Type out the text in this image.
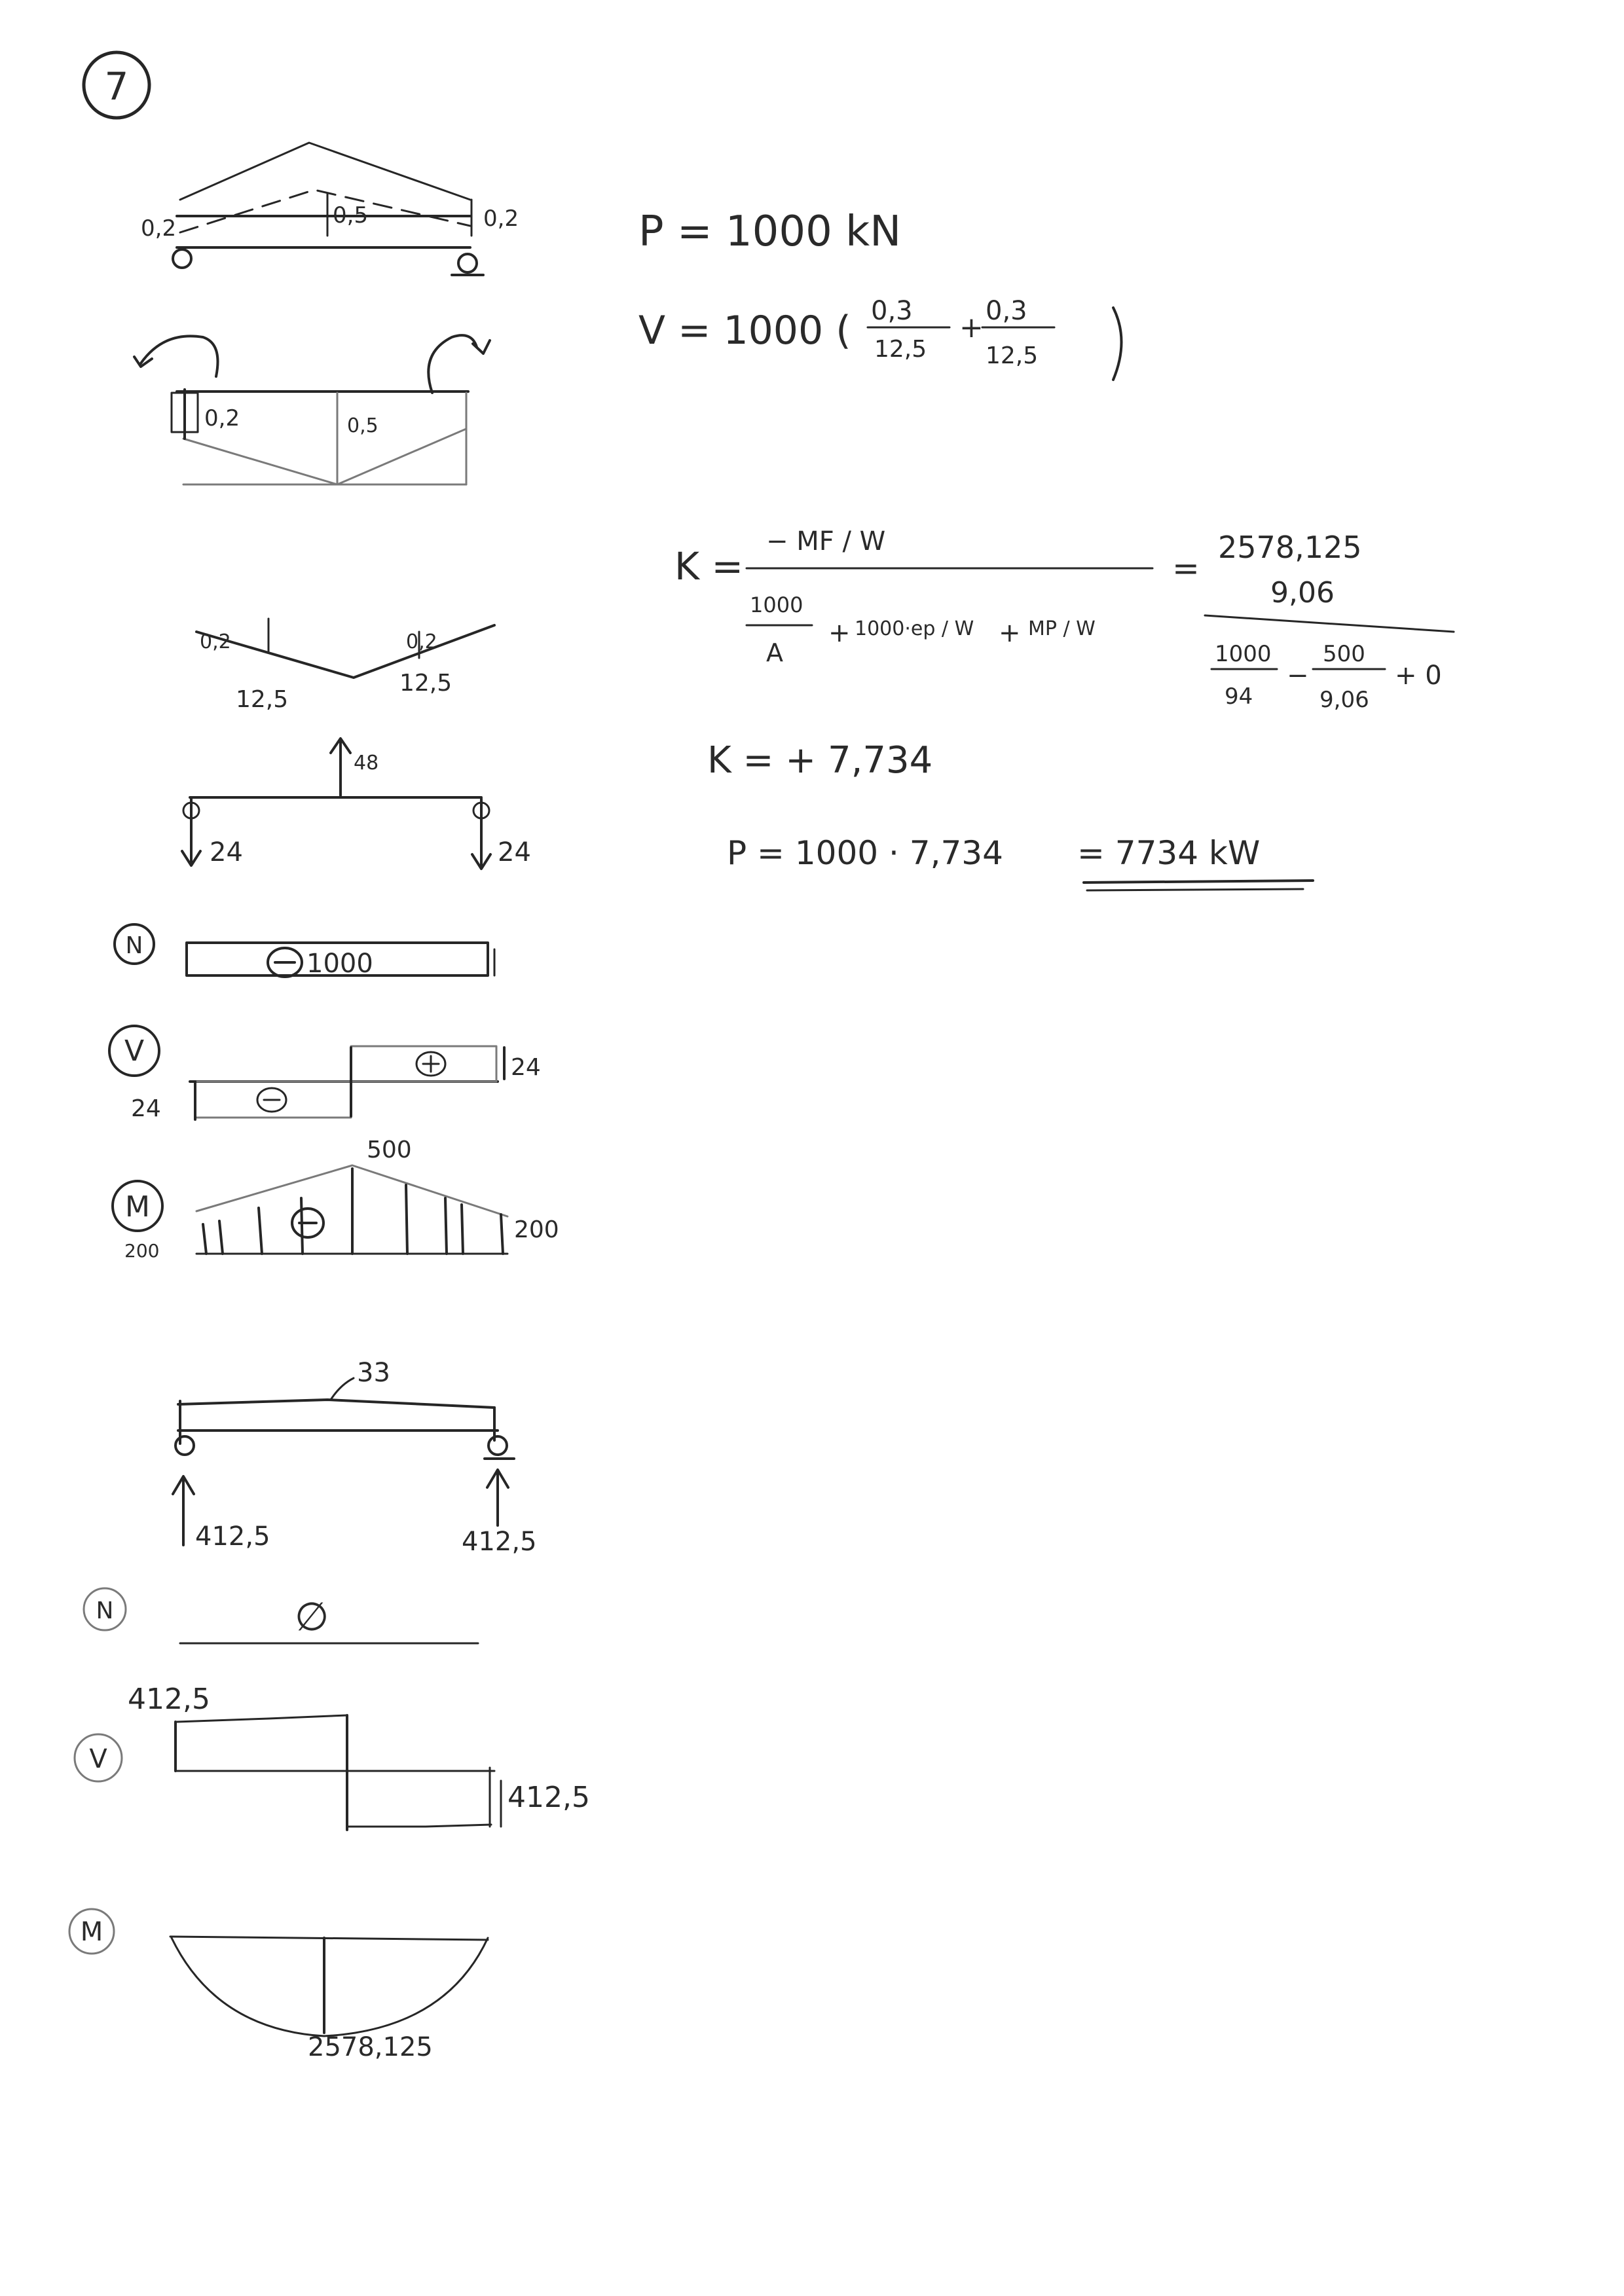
7
0,2	0,5	0,2
0,2	0,5
0,2
12,5
0,2
12,5
48
24	24
N
1000
V
24
24
M
500
200
200
P = 1000 kN
V = 1000 ( 0,3
12,5
+ 0,3
12,5
K =
− MF / W
1000
A
+ 1000·ep / W + MP / W
=
2578,125
9,06
1000
94
−
500
9,06
+ 0
K = + 7,734
P = 1000 · 7,734 = 7734 kW
33
412,5	412,5
N	∅
V
412,5
412,5
M
2578,125
